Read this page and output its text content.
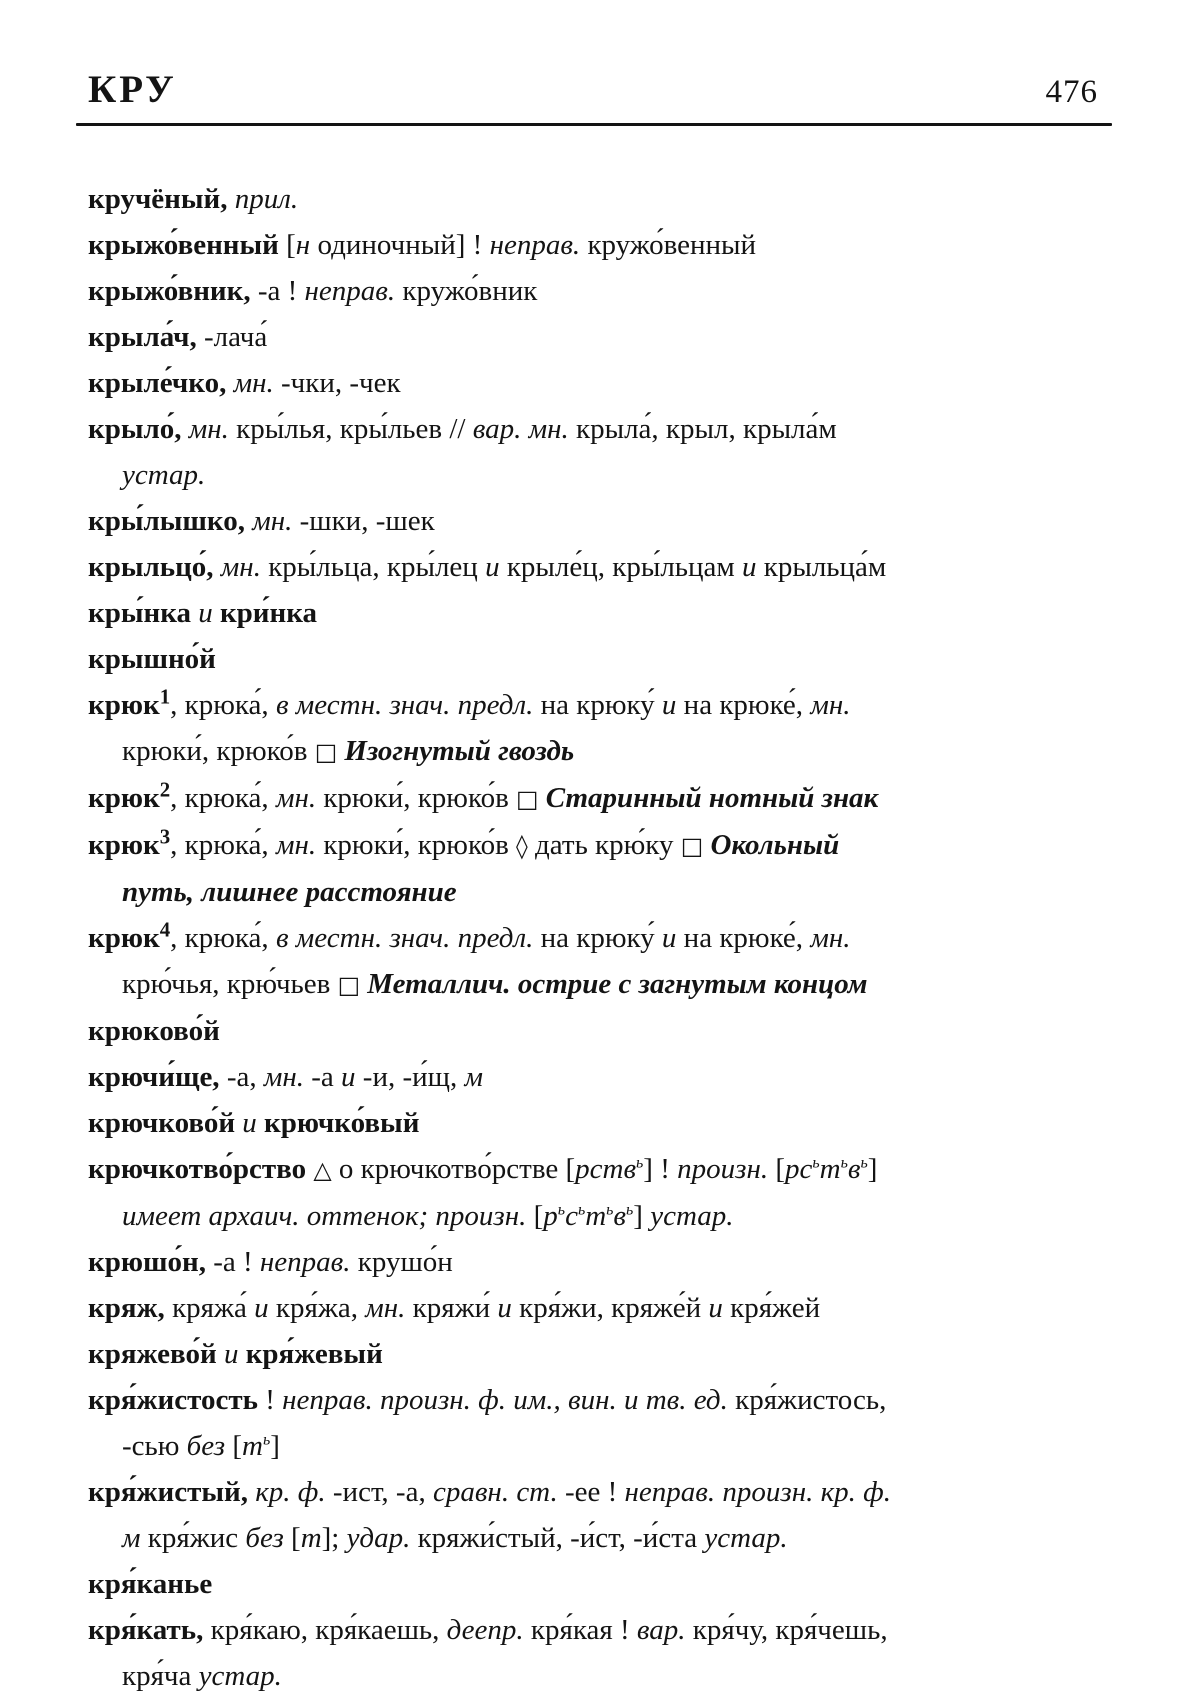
КРУ	476
кручёный, прил.
крыжо́венный [н одиночный] ! неправ. кружо́венный
крыжо́вник, -а ! неправ. кружо́вник
крыла́ч, -лача́
крыле́чко, мн. -чки, -чек
крыло́, мн. кры́лья, кры́льев // вар. мн. крыла́, крыл, крыла́м
устар.
кры́лышко, мн. -шки, -шек
крыльцо́, мн. кры́льца, кры́лец и крыле́ц, кры́льцам и крыльца́м
кры́нка и кри́нка
крышно́й
крюк$^1$, крюка́, в местн. знач. предл. на крюку́ и на крюке́, мн.
крюки́, крюко́в □ Изогнутый гвоздь
крюк$^2$, крюка́, мн. крюки́, крюко́в □ Старинный нотный знак
крюк$^3$, крюка́, мн. крюки́, крюко́в ◊ дать крю́ку □ Окольный
путь, лишнее расстояние
крюк$^4$, крюка́, в местн. знач. предл. на крюку́ и на крюке́, мн.
крю́чья, крю́чьев □ Металлич. острие с загнутым концом
крюково́й
крючи́ще, -а, мн. -а и -и, -и́щ, м
крючково́й и крючко́вый
крючкотво́рство △ о крючкотво́рстве [рств$^ь$] ! произн. $[рс^ьт^ьв^ь]$
имеет архаич. оттенок; произн. $[р^ьс^ьт^ьв^ь]$ устар.
крюшо́н, -а ! неправ. крушо́н
кряж, кряжа́ и кря́жа, мн. кряжи́ и кря́жи, кряже́й и кря́жей
кряжево́й и кря́жевый
кря́жистость ! неправ. произн. ф. им., вин. и тв. ед. кря́жистось,
-сью без $[т^ь]$
кря́жистый, кр. ф. -ист, -а, сравн. ст. -ее ! неправ. произн. кр. ф.
м кря́жис без [т]; удар. кряжи́стый, -и́ст, -и́ста устар.
кря́канье
кря́кать, кря́каю, кря́каешь, деепр. кря́кая ! вар. кря́чу, кря́чешь,
кря́ча устар.
